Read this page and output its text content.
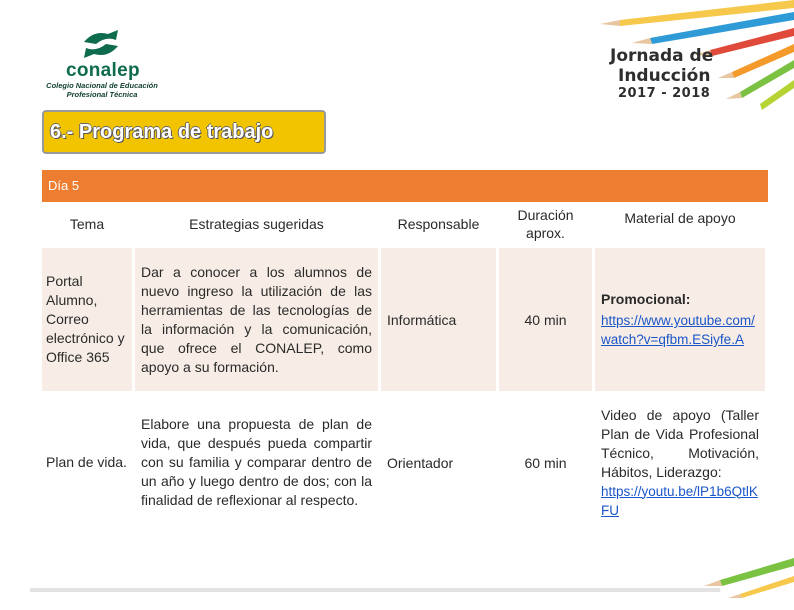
conalep
Colegio Nacional de Educación
Profesional Técnica
Jornada de
Inducción
2017 - 2018
6.- Programa de trabajo
Día 5
Tema	Estrategias sugeridas	Responsable	Duración aprox.	Material de apoyo
Portal Alumno, Correo electrónico y Office 365	Dar a conocer a los alumnos de nuevo ingreso la utilización de las herramientas de las tecnologías de la información y la comunicación, que ofrece el CONALEP, como apoyo a su formación.	Informática	40 min	Promocional:
https://www.youtube.com/watch?v=qfbm.ESiyfe.A

Plan de vida.	Elabore una propuesta de plan de vida, que después pueda compartir con su familia y comparar dentro de un año y luego dentro de dos; con la finalidad de reflexionar al respecto.	Orientador	60 min	Video de apoyo (Taller Plan de Vida Profesional Técnico, Motivación, Hábitos, Liderazgo:
https://youtu.be/lP1b6QtlKFU
